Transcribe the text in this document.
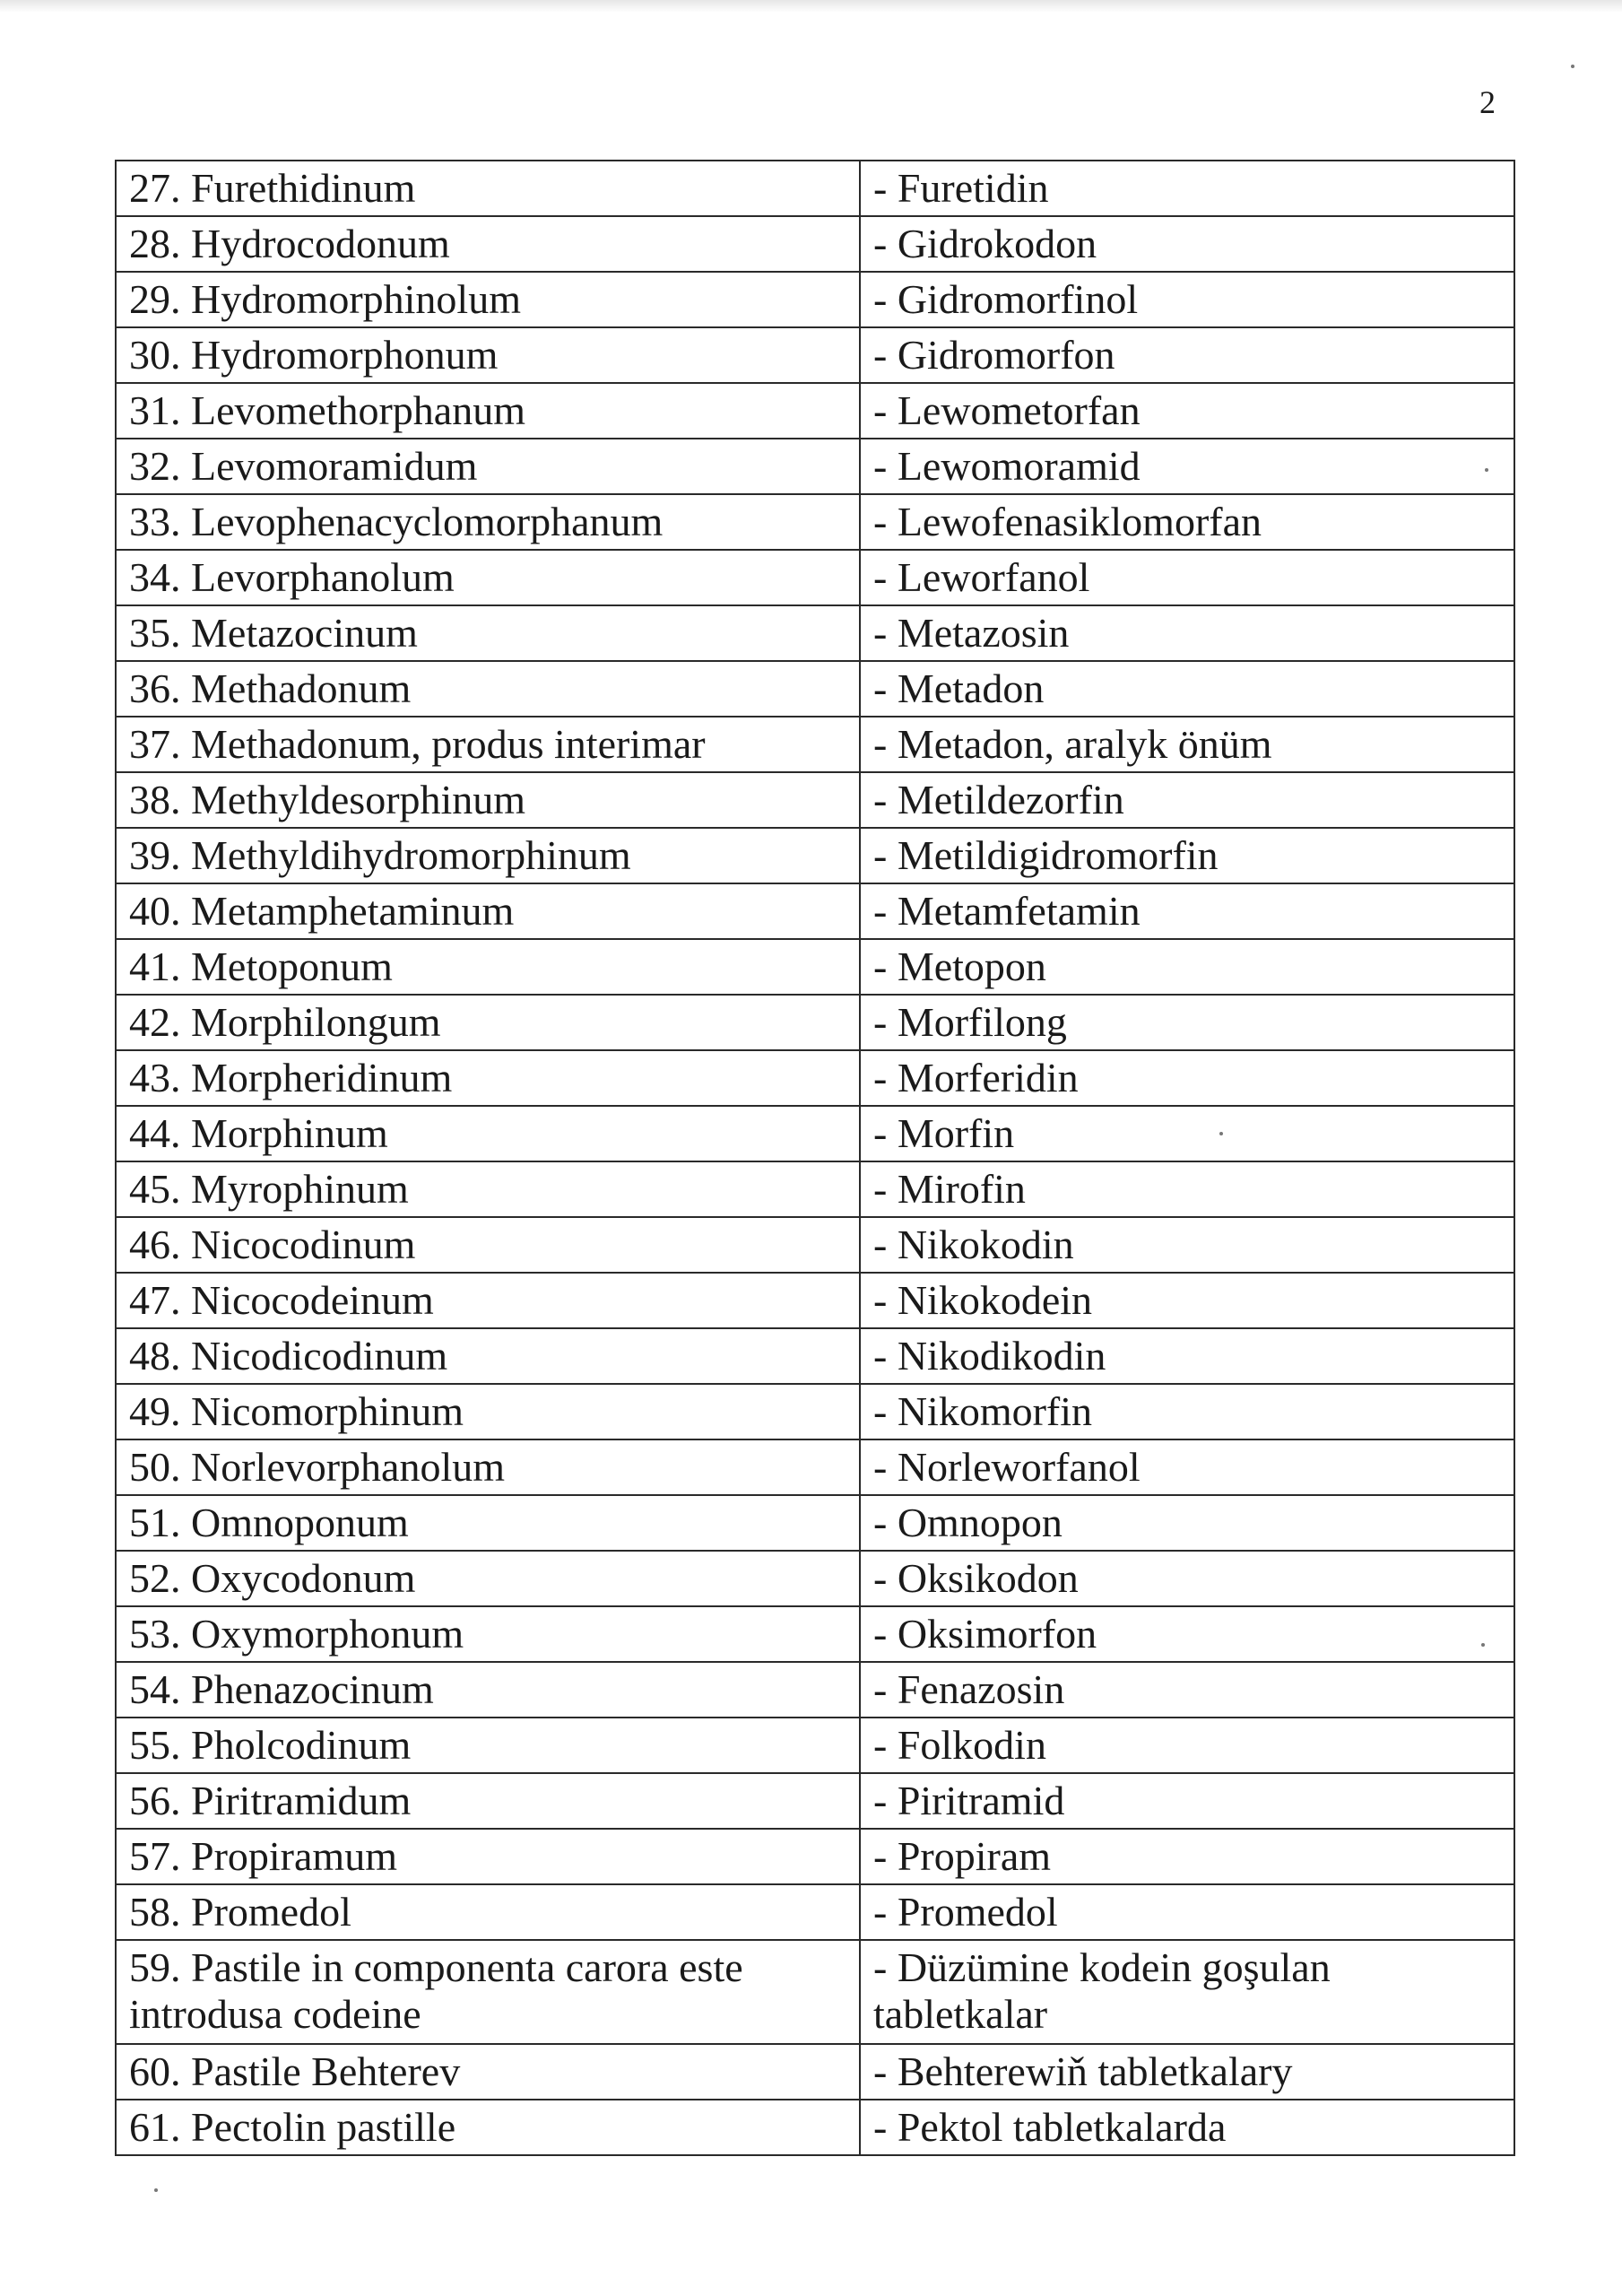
2
27. Furethidinum	- Furetidin
28. Hydrocodonum	- Gidrokodon
29. Hydromorphinolum	- Gidromorfinol
30. Hydromorphonum	- Gidromorfon
31. Levomethorphanum	- Lewometorfan
32. Levomoramidum	- Lewomoramid
33. Levophenacyclomorphanum	- Lewofenasiklomorfan
34. Levorphanolum	- Leworfanol
35. Metazocinum	- Metazosin
36. Methadonum	- Metadon
37. Methadonum, produs interimar	- Metadon, aralyk önüm
38. Methyldesorphinum	- Metildezorfin
39. Methyldihydromorphinum	- Metildigidromorfin
40. Metamphetaminum	- Metamfetamin
41. Metoponum	- Metopon
42. Morphilongum	- Morfilong
43. Morpheridinum	- Morferidin
44. Morphinum	- Morfin
45. Myrophinum	- Mirofin
46. Nicocodinum	- Nikokodin
47. Nicocodeinum	- Nikokodein
48. Nicodicodinum	- Nikodikodin
49. Nicomorphinum	- Nikomorfin
50. Norlevorphanolum	- Norleworfanol
51. Omnoponum	- Omnopon
52. Oxycodonum	- Oksikodon
53. Oxymorphonum	- Oksimorfon
54. Phenazocinum	- Fenazosin
55. Pholcodinum	- Folkodin
56. Piritramidum	- Piritramid
57. Propiramum	- Propiram
58. Promedol	- Promedol
59. Pastile in componenta carora este introdusa codeine	- Düzümine kodein goşulan tabletkalar
60. Pastile Behterev	- Behterewiň tabletkalary
61. Pectolin pastille	- Pektol tabletkalarda
